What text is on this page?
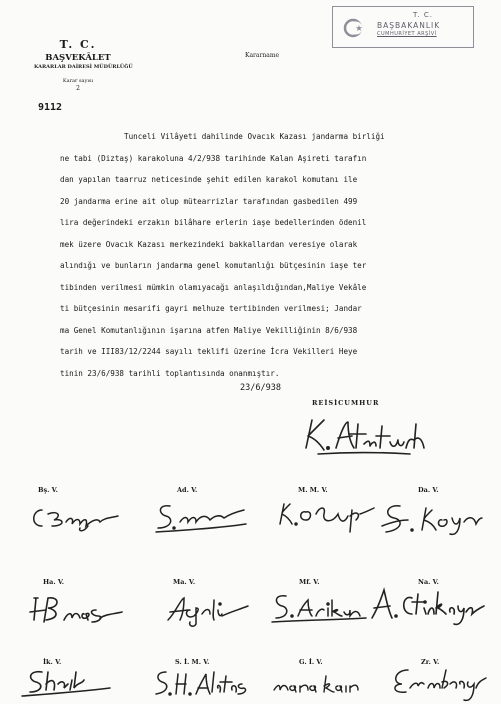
T. C.
BAŞVEKÂLET
KARARLAR DAİRESİ MÜDÜRLÜĞÜ
Karar sayısı
2
9112
Kararname
T. C.
BAŞBAKANLIK
CUMHURİYET ARŞİVİ
Tunceli Vilâyeti dahilinde Ovacık Kazası jandarma birliği
ne tabi (Diztaş) karakoluna 4/2/938 tarihinde Kalan Aşireti tarafın
dan yapılan taarruz neticesinde şehit edilen karakol komutanı ile
20 jandarma erine ait olup mütearrizlar tarafından gasbedilen 499
lira değerindeki erzakın bilâhare erlerin iaşe bedellerinden ödenil
mek üzere Ovacık Kazası merkezindeki bakkallardan veresiye olarak
alındığı ve bunların jandarma genel komutanlığı bütçesinin iaşe ter
tibinden verilmesi mümkin olamıyacağı anlaşıldığından,Maliye Vekâle
ti bütçesinin mesarifi gayri melhuze tertibinden verilmesi; Jandar
ma Genel Komutanlığının işarına atfen Maliye Vekilliğinin 8/6/938
tarih ve III83/12/2244 sayılı teklifi üzerine İcra Vekilleri Heye
tinin 23/6/938 tarihli toplantısında onanmıştır.
23/6/938
REİSİCUMHUR
Bş. V.	Ad. V.	M. M. V.	Da. V.
Ha. V.	Ma. V.	Mf. V.	Na. V.
İk. V.	S. İ. M. V.	G. İ. V.	Zr. V.
